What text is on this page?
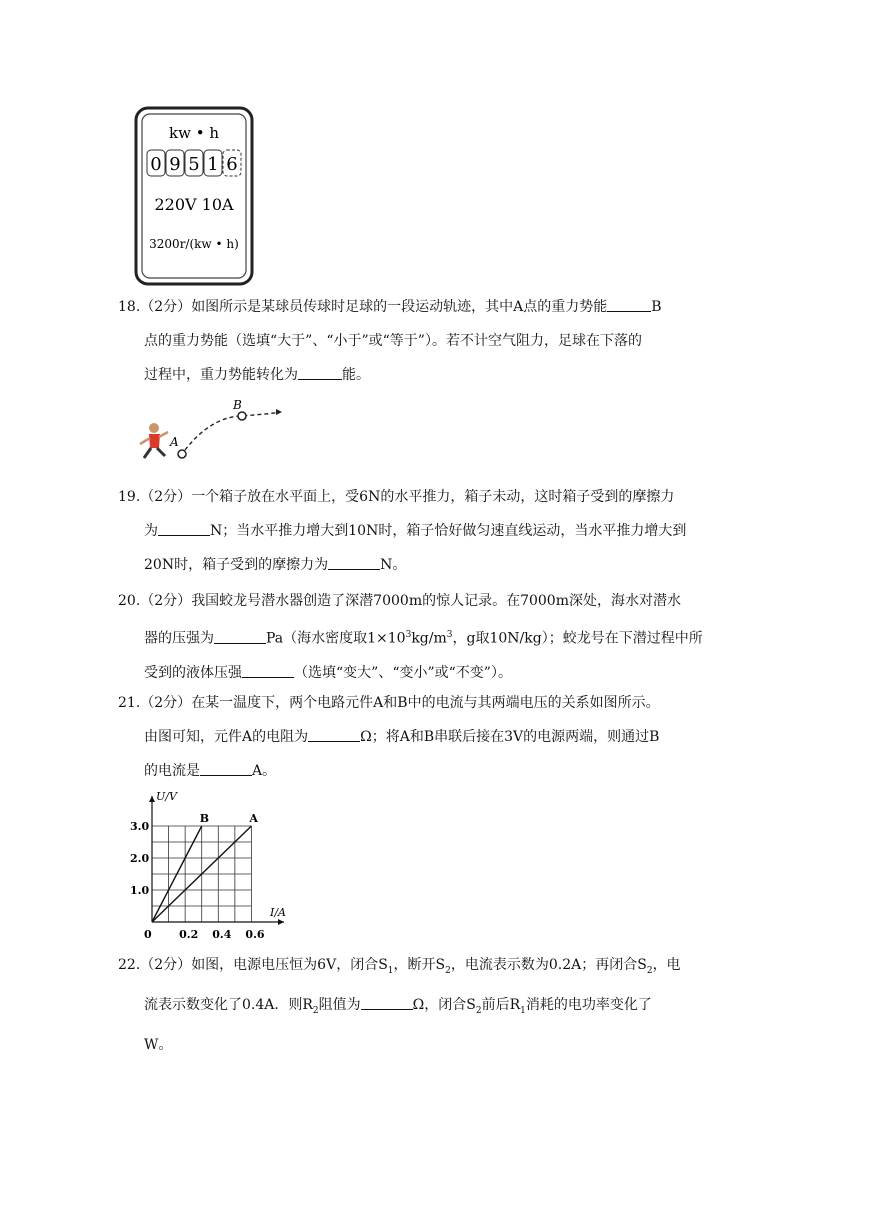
kw • h
0 9 5 1 6
220V 10A
3200r/(kw • h)
18.（2分）如图所示是某球员传球时足球的一段运动轨迹，其中A点的重力势能	B
点的重力势能（选填“大于”、“小于”或“等于”）。若不计空气阻力，足球在下落的
过程中，重力势能转化为	能。
A
B
19.（2分）一个箱子放在水平面上，受6N的水平推力，箱子未动，这时箱子受到的摩擦力
为	N；当水平推力增大到10N时，箱子恰好做匀速直线运动，当水平推力增大到
20N时，箱子受到的摩擦力为	N。
20.（2分）我国蛟龙号潜水器创造了深潜7000m的惊人记录。在7000m深处，海水对潜水
器的压强为	Pa（海水密度取$1\times 10^3kg/m^3$，g取10N/kg）；蛟龙号在下潜过程中所
受到的液体压强	（选填“变大”、“变小”或“不变”）。
21.（2分）在某一温度下，两个电路元件A和B中的电流与其两端电压的关系如图所示。
由图可知，元件A的电阻为	Ω；将A和B串联后接在3V的电源两端，则通过B
的电流是	A。
A
B
0 0.2 0.4 0.6
1.0
2.0
3.0
I/A
U/V
22.（2分）如图，电源电压恒为6V，闭合$S_1$，断开$S_2$，电流表示数为0.2A；再闭合$S_2$，电
流表示数变化了0.4A．则$R_2$阻值为	Ω，闭合$S_2$前后$R_1$消耗的电功率变化了
W。
